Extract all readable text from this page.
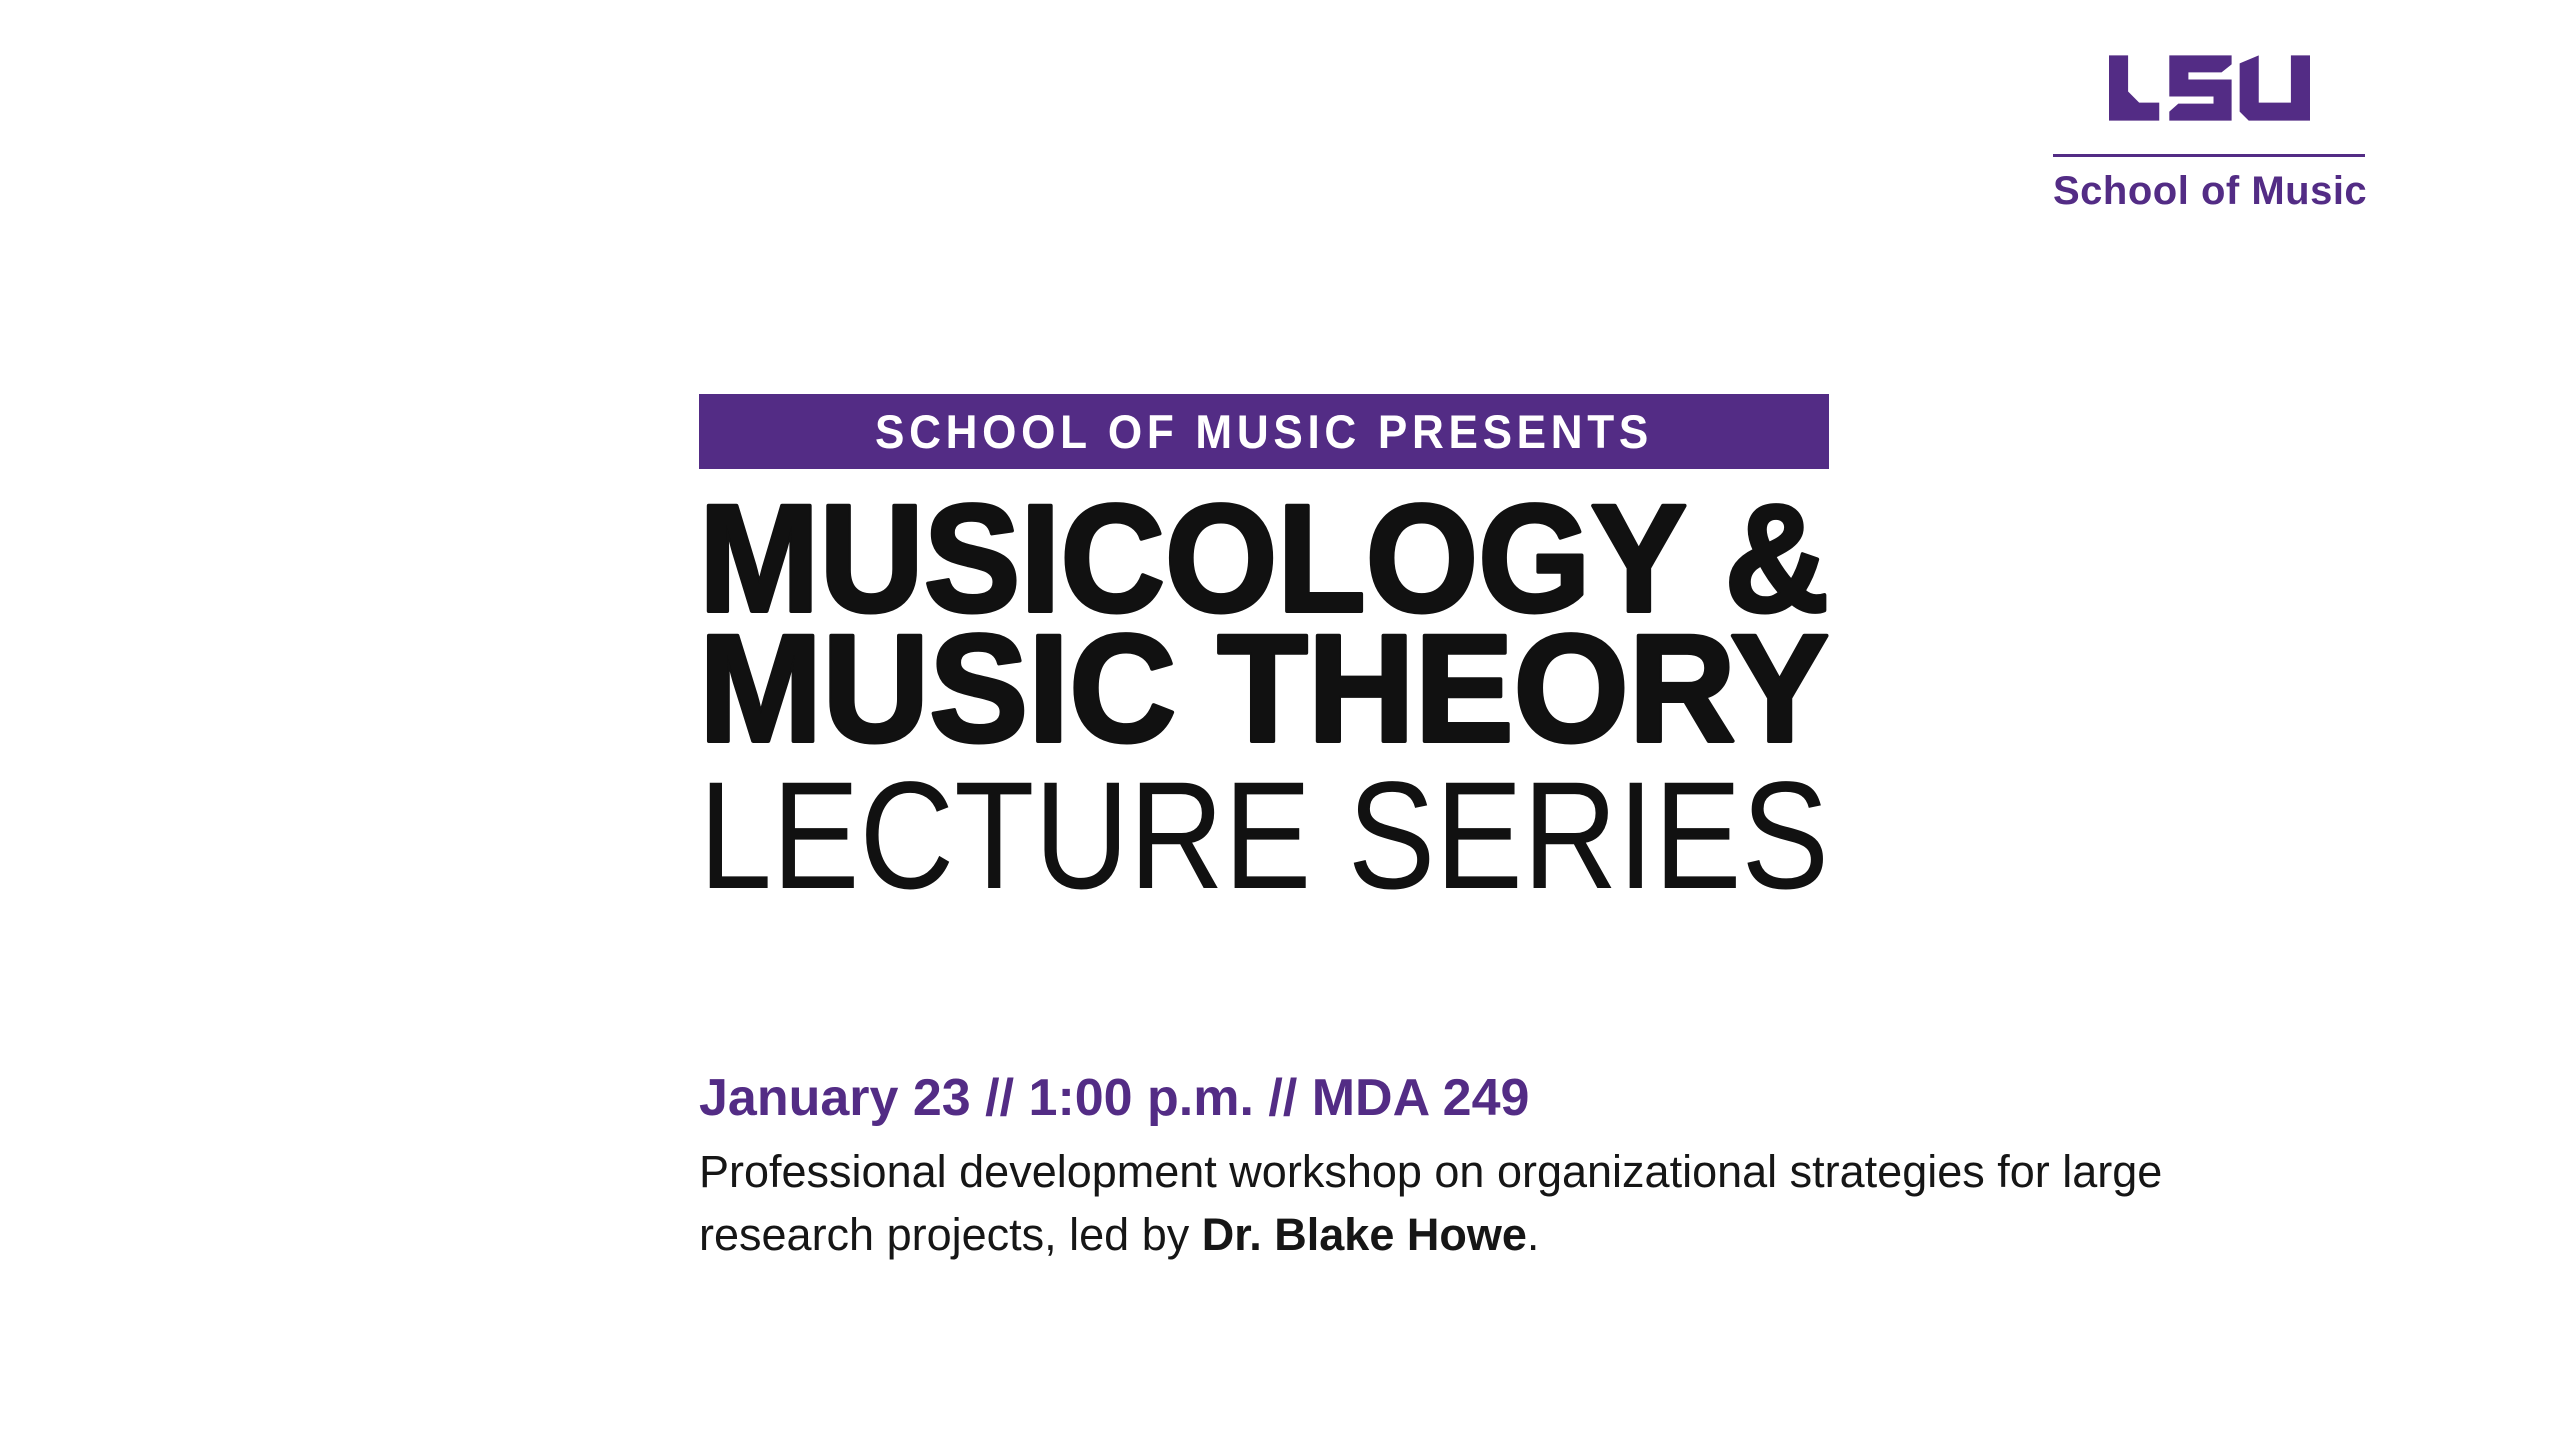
School of Music
SCHOOL OF MUSIC PRESENTS
MUSICOLOGY &
MUSIC THEORY
LECTURE SERIES
January 23 // 1:00 p.m. // MDA 249
Professional development workshop on organizational strategies for large
research projects, led by Dr. Blake Howe.
